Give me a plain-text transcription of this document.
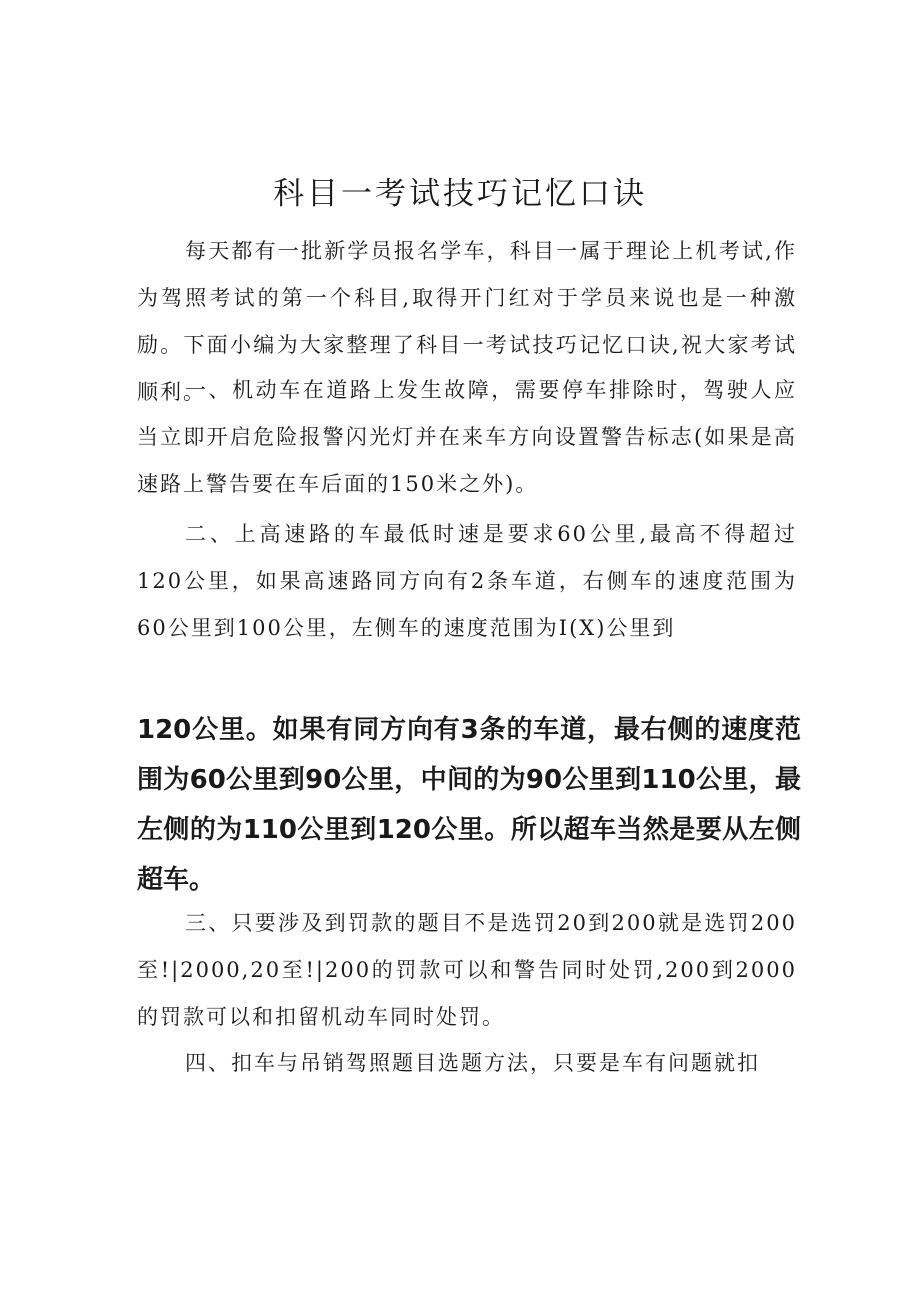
科目一考试技巧记忆口诀

每天都有一批新学员报名学车，科目一属于理论上机考试,作为驾照考试的第一个科目,取得开门红对于学员来说也是一种激励。下面小编为大家整理了科目一考试技巧记忆口诀,祝大家考试顺利。

一、机动车在道路上发生故障，需要停车排除时，驾驶人应当立即开启危险报警闪光灯并在来车方向设置警告标志(如果是高速路上警告要在车后面的150米之外)。

二、上高速路的车最低时速是要求60公里,最高不得超过120公里，如果高速路同方向有2条车道，右侧车的速度范围为60公里到100公里，左侧车的速度范围为I(X)公里到

120公里。如果有同方向有3条的车道，最右侧的速度范围为60公里到90公里，中间的为90公里到110公里，最左侧的为110公里到120公里。所以超车当然是要从左侧超车。

三、只要涉及到罚款的题目不是选罚20到200就是选罚200至!|2000,20至!|200的罚款可以和警告同时处罚,200到2000的罚款可以和扣留机动车同时处罚。

四、扣车与吊销驾照题目选题方法，只要是车有问题就扣
